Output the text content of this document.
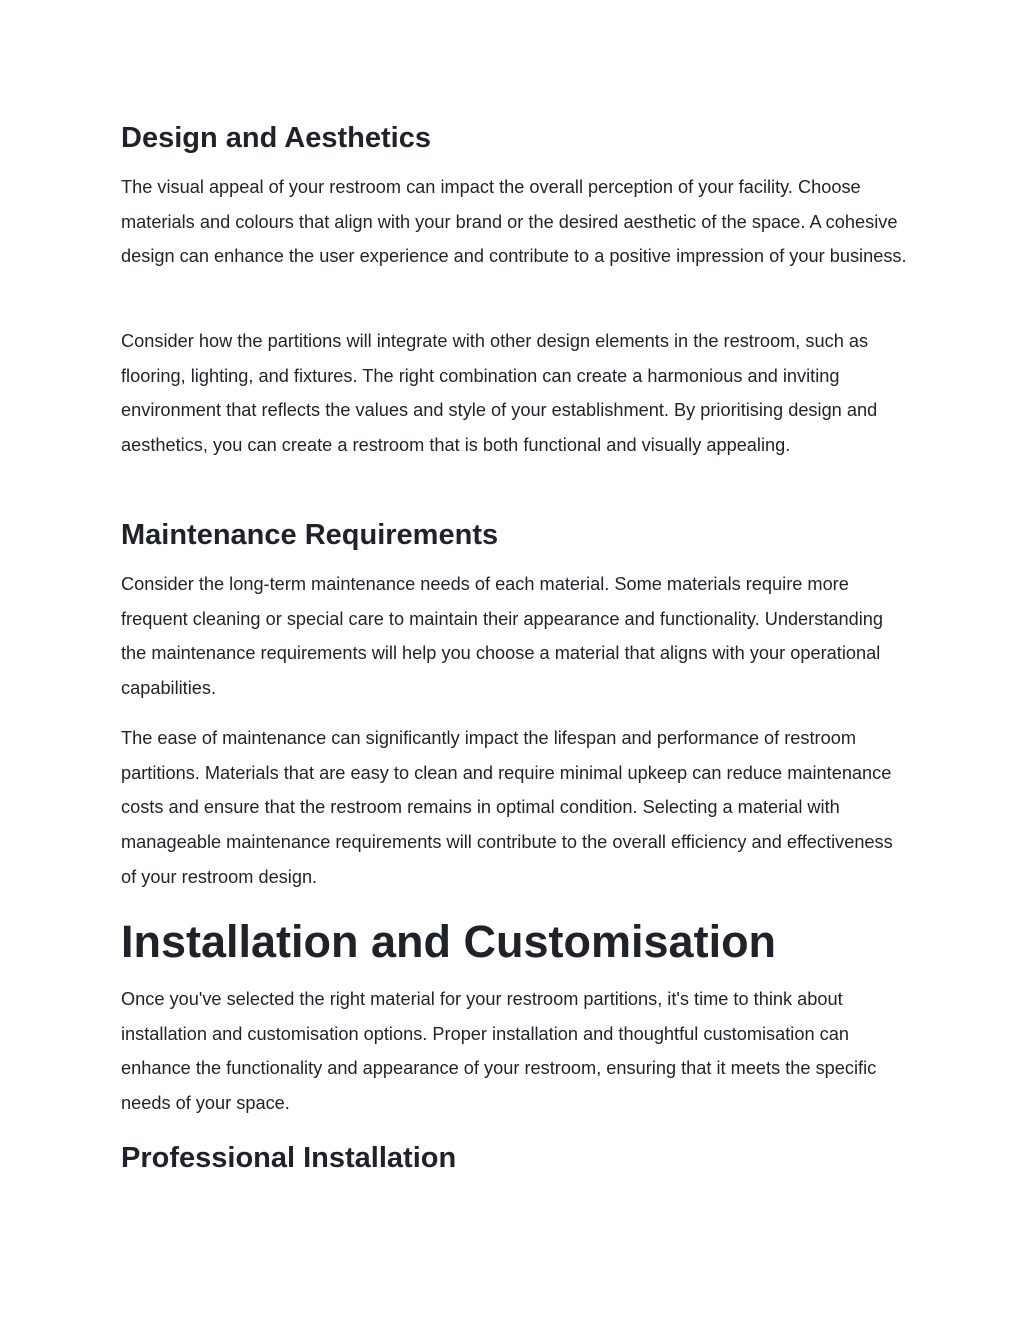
Design and Aesthetics

The visual appeal of your restroom can impact the overall perception of your facility. Choose materials and colours that align with your brand or the desired aesthetic of the space. A cohesive design can enhance the user experience and contribute to a positive impression of your business.

Consider how the partitions will integrate with other design elements in the restroom, such as flooring, lighting, and fixtures. The right combination can create a harmonious and inviting environment that reflects the values and style of your establishment. By prioritising design and aesthetics, you can create a restroom that is both functional and visually appealing.

Maintenance Requirements

Consider the long-term maintenance needs of each material. Some materials require more frequent cleaning or special care to maintain their appearance and functionality. Understanding the maintenance requirements will help you choose a material that aligns with your operational capabilities.

The ease of maintenance can significantly impact the lifespan and performance of restroom partitions. Materials that are easy to clean and require minimal upkeep can reduce maintenance costs and ensure that the restroom remains in optimal condition. Selecting a material with manageable maintenance requirements will contribute to the overall efficiency and effectiveness of your restroom design.

Installation and Customisation

Once you've selected the right material for your restroom partitions, it's time to think about installation and customisation options. Proper installation and thoughtful customisation can enhance the functionality and appearance of your restroom, ensuring that it meets the specific needs of your space.

Professional Installation
